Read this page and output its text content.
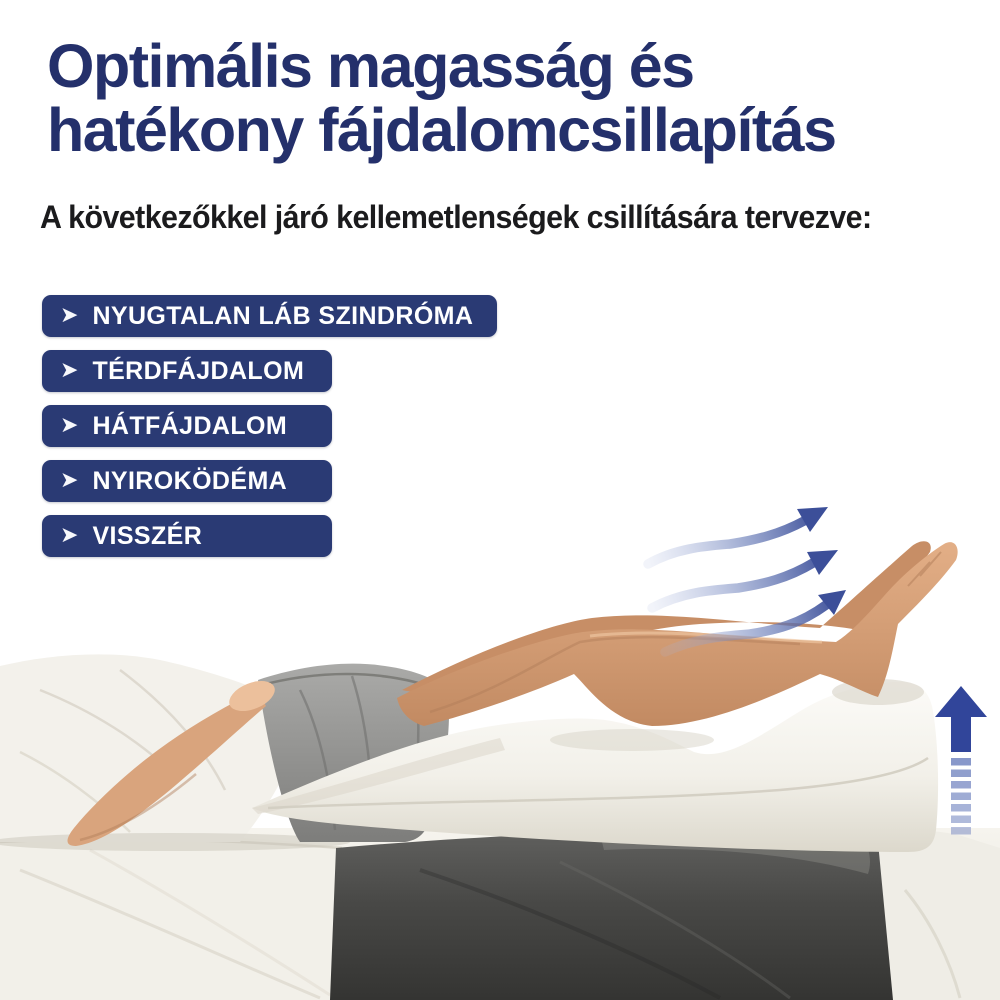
Optimális magasság és
hatékony fájdalomcsillapítás
A következőkkel járó kellemetlenségek csillítására tervezve:
➤ NYUGTALAN LÁB SZINDRÓMA
➤ TÉRDFÁJDALOM
➤ HÁTFÁJDALOM
➤ NYIROKÖDÉMA
➤ VISSZÉR
